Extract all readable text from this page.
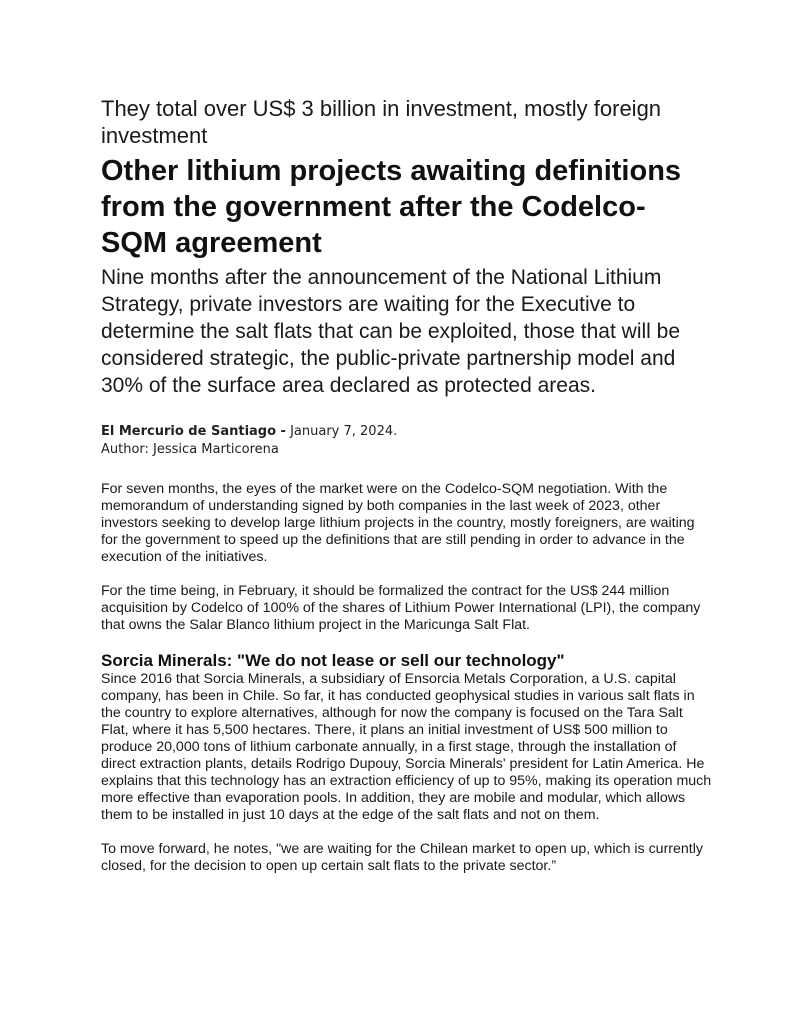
They total over US$ 3 billion in investment, mostly foreign investment

Other lithium projects awaiting definitions from the government after the Codelco-SQM agreement

Nine months after the announcement of the National Lithium Strategy, private investors are waiting for the Executive to determine the salt flats that can be exploited, those that will be considered strategic, the public-private partnership model and 30% of the surface area declared as protected areas.

El Mercurio de Santiago - January 7, 2024.
Author: Jessica Marticorena

For seven months, the eyes of the market were on the Codelco-SQM negotiation. With the memorandum of understanding signed by both companies in the last week of 2023, other investors seeking to develop large lithium projects in the country, mostly foreigners, are waiting for the government to speed up the definitions that are still pending in order to advance in the execution of the initiatives.

For the time being, in February, it should be formalized the contract for the US$ 244 million acquisition by Codelco of 100% of the shares of Lithium Power International (LPI), the company that owns the Salar Blanco lithium project in the Maricunga Salt Flat.

Sorcia Minerals: "We do not lease or sell our technology"

Since 2016 that Sorcia Minerals, a subsidiary of Ensorcia Metals Corporation, a U.S. capital company, has been in Chile. So far, it has conducted geophysical studies in various salt flats in the country to explore alternatives, although for now the company is focused on the Tara Salt Flat, where it has 5,500 hectares. There, it plans an initial investment of US$ 500 million to produce 20,000 tons of lithium carbonate annually, in a first stage, through the installation of direct extraction plants, details Rodrigo Dupouy, Sorcia Minerals' president for Latin America. He explains that this technology has an extraction efficiency of up to 95%, making its operation much more effective than evaporation pools. In addition, they are mobile and modular, which allows them to be installed in just 10 days at the edge of the salt flats and not on them.

To move forward, he notes, "we are waiting for the Chilean market to open up, which is currently closed, for the decision to open up certain salt flats to the private sector.”
